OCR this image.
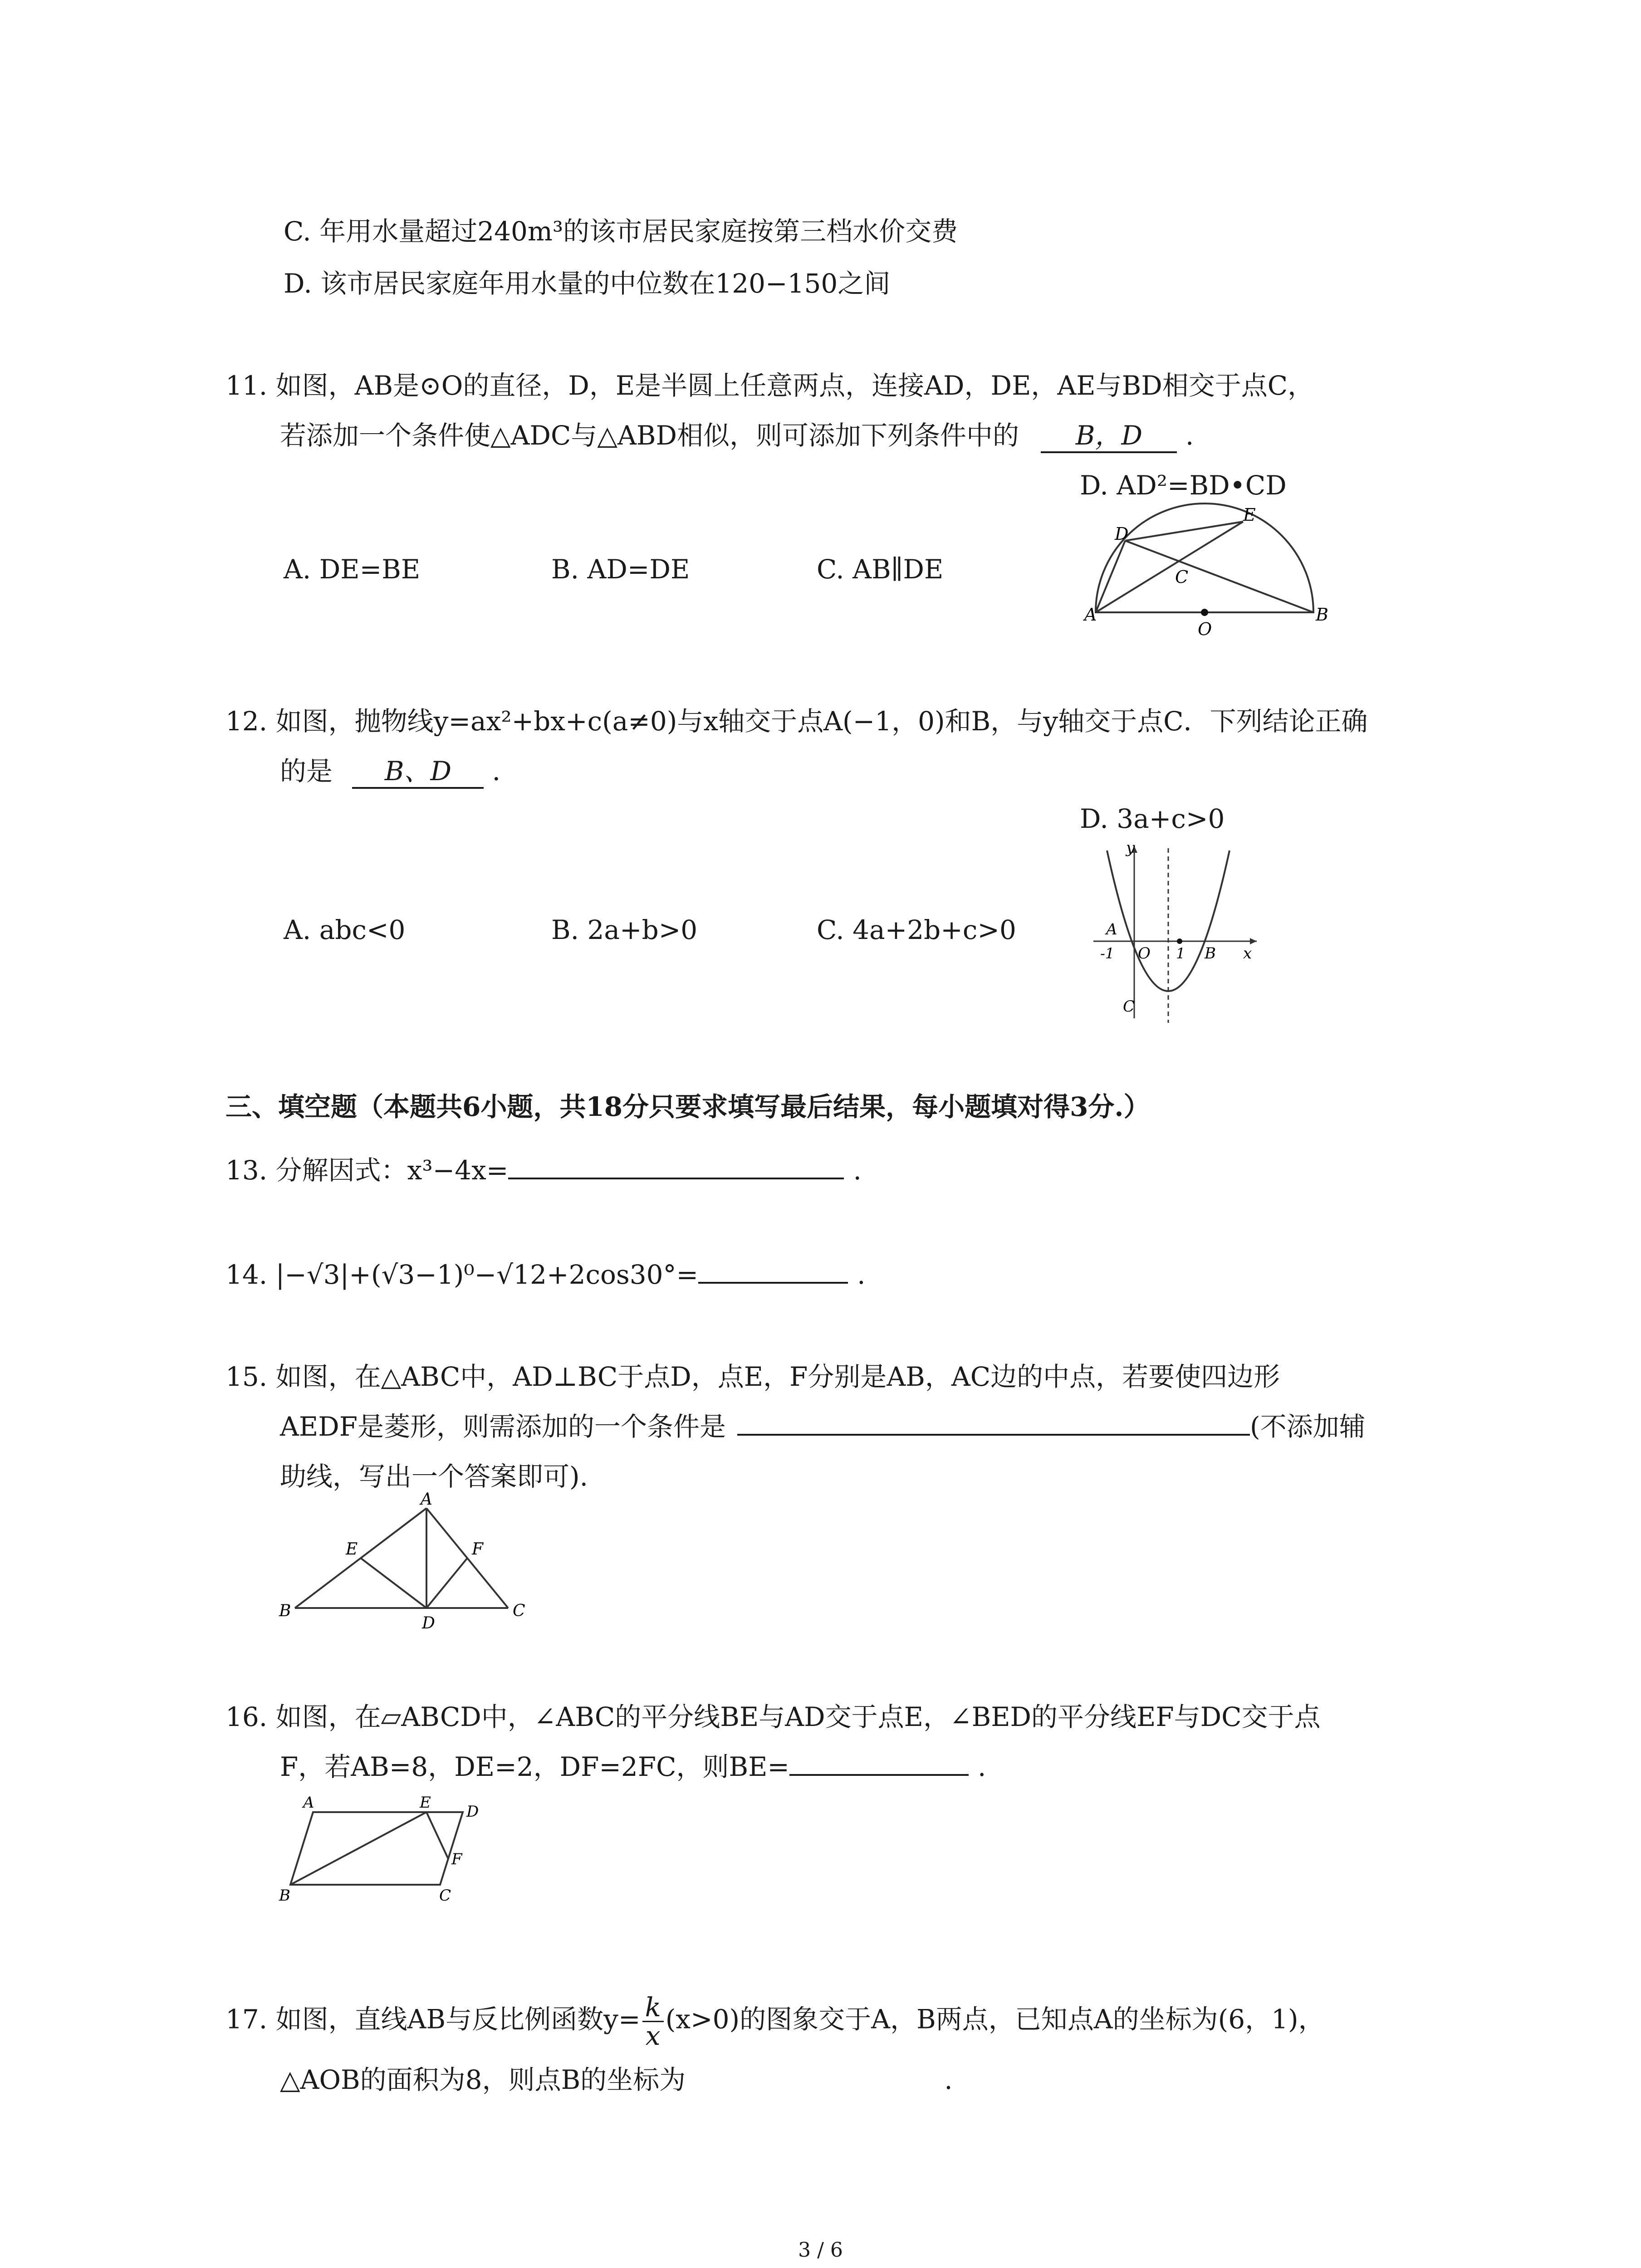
C. 年用水量超过240m³的该市居民家庭按第三档水价交费
D. 该市居民家庭年用水量的中位数在120−150之间
11. 如图，AB是⊙O的直径，D，E是半圆上任意两点，连接AD，DE，AE与BD相交于点C，
若添加一个条件使△ADC与△ABD相似，则可添加下列条件中的 B，D .
D. AD²=BD•CD
A. DE=BE	B. AD=DE	C. AB∥DE
D
E
C
A
O
B
12. 如图，抛物线y=ax²+bx+c(a≠0)与x轴交于点A(−1，0)和B，与y轴交于点C．下列结论正确
的是 B、D ．
D. 3a+c>0
A. abc<0	B. 2a+b>0	C. 4a+2b+c>0
y
A
-1 O 1 B x
C
三、填空题（本题共6小题，共18分只要求填写最后结果，每小题填对得3分.）
13. 分解因式：x³−4x=	.
14. |−√3|+(√3−1)⁰−√12+2cos30°=	.
15. 如图，在△ABC中，AD⊥BC于点D，点E，F分别是AB，AC边的中点，若要使四边形
AEDF是菱形，则需添加的一个条件是	(不添加辅
助线，写出一个答案即可).
A
E	F
B
D
C
16. 如图，在▱ABCD中，∠ABC的平分线BE与AD交于点E，∠BED的平分线EF与DC交于点
F，若AB=8，DE=2，DF=2FC，则BE=	.
A	E D
F
B	C
17. 如图，直线AB与反比例函数$y= \frac{k}{x} (x>0)$的图象交于A，B两点，已知点A的坐标为(6，1)，
△AOB的面积为8，则点B的坐标为	.
3 / 6
